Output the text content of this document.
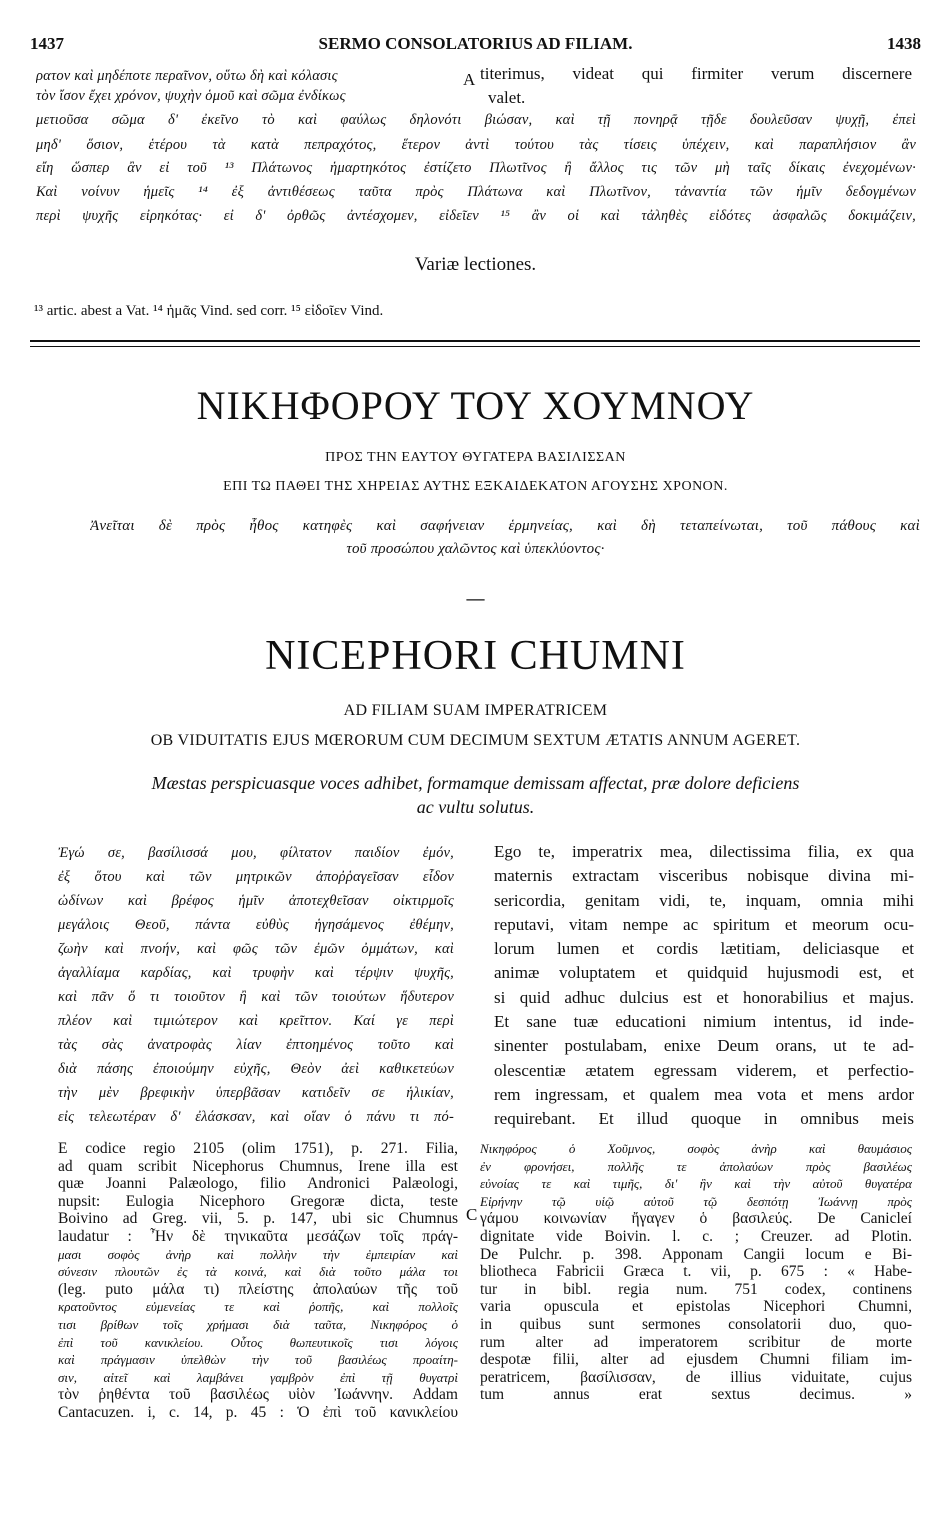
1437	SERMO CONSOLATORIUS AD FILIAM.	1438
ρατον καὶ μηδέποτε περαῖνον, οὕτω δὴ καὶ κόλασις
τὸν ἴσον ἔχει χρόνον, ψυχὴν ὁμοῦ καὶ σῶμα ἐνδίκως
μετιοῦσα σῶμα δ' ἐκεῖνο τὸ καὶ φαύλως δηλονότι βιώσαν, καὶ τῇ πονηρᾷ τῇδε δουλεῦσαν ψυχῇ, ἐπεὶ
μηδ' ὅσιον, ἑτέρου τὰ κατὰ πεπραχότος, ἕτερον ἀντὶ τούτου τὰς τίσεις ὑπέχειν, καὶ παραπλήσιον ἂν
εἴη ὥσπερ ἂν εἰ τοῦ ¹³ Πλάτωνος ἡμαρτηκότος ἐστίζετο Πλωτῖνος ἢ ἄλλος τις τῶν μὴ ταῖς δίκαις ἐνεχομένων·
Καὶ νοίνυν ἡμεῖς ¹⁴ ἐξ ἀντιθέσεως ταῦτα πρὸς Πλάτωνα καὶ Πλωτῖνον, τἀναντία τῶν ἡμῖν δεδογμένων
περὶ ψυχῆς εἰρηκότας· εἰ δ' ὀρθῶς ἀντέσχομεν, εἰδεῖεν ¹⁵ ἂν οἱ καὶ τἀληθὲς εἰδότες ἀσφαλῶς δοκιμάζειν,
A titerimus, videat qui firmiter verum discernere
valet.
Variæ lectiones.
¹³ artic. abest a Vat. ¹⁴ ἡμᾶς Vind. sed corr. ¹⁵ εἰδοῖεν Vind.
ΝΙΚΗΦΟΡΟΥ ΤΟΥ ΧΟΥΜΝΟΥ
ΠΡΟΣ ΤΗΝ ΕΑΥΤΟΥ ΘΥΓΑΤΕΡΑ ΒΑΣΙΛΙΣΣΑΝ
ΕΠΙ ΤΩ ΠΑΘΕΙ ΤΗΣ ΧΗΡΕΙΑΣ ΑΥΤΗΣ ΕΞΚΑΙΔΕΚΑΤΟΝ ΑΓΟΥΣΗΣ ΧΡΟΝΟΝ.
Ἀνεῖται δὲ πρὸς ἦθος κατηφὲς καὶ σαφήνειαν ἑρμηνείας, καὶ δὴ τεταπείνωται, τοῦ πάθους καὶ
τοῦ προσώπου χαλῶντος καὶ ὑπεκλύοντος·
—
NICEPHORI CHUMNI
AD FILIAM SUAM IMPERATRICEM
OB VIDUITATIS EJUS MŒRORUM CUM DECIMUM SEXTUM ÆTATIS ANNUM AGERET.
Mæstas perspicuasque voces adhibet, formamque demissam affectat, præ dolore deficiens
ac vultu solutus.
Ἐγώ σε, βασίλισσά μου, φίλτατον παιδίον ἐμόν,
ἐξ ὅτου καὶ τῶν μητρικῶν ἀποῤῥαγεῖσαν εἶδον
ὠδίνων καὶ βρέφος ἡμῖν ἀποτεχθεῖσαν οἰκτιρμοῖς
μεγάλοις Θεοῦ, πάντα εὐθὺς ἡγησάμενος ἐθέμην,
ζωὴν καὶ πνοήν, καὶ φῶς τῶν ἐμῶν ὀμμάτων, καὶ
ἀγαλλίαμα καρδίας, καὶ τρυφὴν καὶ τέρψιν ψυχῆς,
καὶ πᾶν ὅ τι τοιοῦτον ἢ καὶ τῶν τοιούτων ἥδυτερον
πλέον καὶ τιμιώτερον καὶ κρεῖττον. Καί γε περὶ
τὰς σὰς ἀνατροφὰς λίαν ἐπτοημένος τοῦτο καὶ
διὰ πάσης ἐποιούμην εὐχῆς, Θεὸν ἀεὶ καθικετεύων
τὴν μὲν βρεφικὴν ὑπερβᾶσαν κατιδεῖν σε ἡλικίαν,
εἰς τελεωτέραν δ' ἐλάσκσαν, καὶ οἵαν ὁ πάνυ τι πό-
Ego te, imperatrix mea, dilectissima filia, ex qua
maternis extractam visceribus nobisque divina mi-
sericordia, genitam vidi, te, inquam, omnia mihi
reputavi, vitam nempe ac spiritum et meorum ocu-
lorum lumen et cordis lætitiam, deliciasque et
animæ voluptatem et quidquid hujusmodi est, et
si quid adhuc dulcius est et honorabilius et majus.
Et sane tuæ educationi nimium intentus, id inde-
sinenter postulabam, enixe Deum orans, ut te ad-
olescentiæ ætatem egressam viderem, et perfectio-
rem ingressam, et qualem mea vota et mens ardor
requirebant. Et illud quoque in omnibus meis
E codice regio 2105 (olim 1751), p. 271. Filia,
ad quam scribit Nicephorus Chumnus, Irene illa est
quæ Joanni Palæologo, filio Andronici Palæologi,
nupsit: Eulogia Nicephoro Gregoræ dicta, teste
Boivino ad Greg. vii, 5. p. 147, ubi sic Chumnus
laudatur : Ἦν δὲ τηνικαῦτα μεσάζων τοῖς πράγ-
μασι σοφὸς ἀνὴρ καὶ πολλὴν τὴν ἐμπειρίαν καὶ
σύνεσιν πλουτῶν ἐς τὰ κοινά, καὶ διὰ τοῦτο μάλα τοι
(leg. puto μάλα τι) πλείστης ἀπολαύων τῆς τοῦ
κρατοῦντος εὐμενείας τε καὶ ῥοπῆς, καὶ πολλοῖς
τισι βρίθων τοῖς χρήμασι διὰ ταῦτα, Νικηφόρος ὁ
ἐπὶ τοῦ κανικλείου. Οὗτος θωπευτικοῖς τισι λόγοις
καὶ πράγμασιν ὑπελθὼν τὴν τοῦ βασιλέως προαίτη-
σιν, αἰτεῖ καὶ λαμβάνει γαμβρὸν ἐπὶ τῇ θυγατρὶ
τὸν ῥηθέντα τοῦ βασιλέως υἱὸν Ἰωάννην. Addam
Cantacuzen. i, c. 14, p. 45 : Ὁ ἐπὶ τοῦ κανικλείου
C
Νικηφόρος ὁ Χοῦμνος, σοφὸς ἀνὴρ καὶ θαυμάσιος
ἐν φρονήσει, πολλῆς τε ἀπολαύων πρὸς βασιλέως
εὐνοίας τε καὶ τιμῆς, δι' ἣν καὶ τὴν αὐτοῦ θυγατέρα
Εἰρήνην τῷ υἱῷ αὐτοῦ τῷ δεσπότῃ Ἰωάννῃ πρὸς
γάμου κοινωνίαν ἤγαγεν ὁ βασιλεύς. De Canicleí
dignitate vide Boivin. l. c. ; Creuzer. ad Plotin.
De Pulchr. p. 398. Apponam Cangii locum e Bi-
bliotheca Fabricii Græca t. vii, p. 675 : « Habe-
tur in bibl. regia num. 751 codex, continens
varia opuscula et epistolas Nicephori Chumni,
in quibus sunt sermones consolatorii duo, quo-
rum alter ad imperatorem scribitur de morte
despotæ filii, alter ad ejusdem Chumni filiam im-
peratricem, βασίλισσαν, de illius viduitate, cujus
tum annus erat sextus decimus. »
